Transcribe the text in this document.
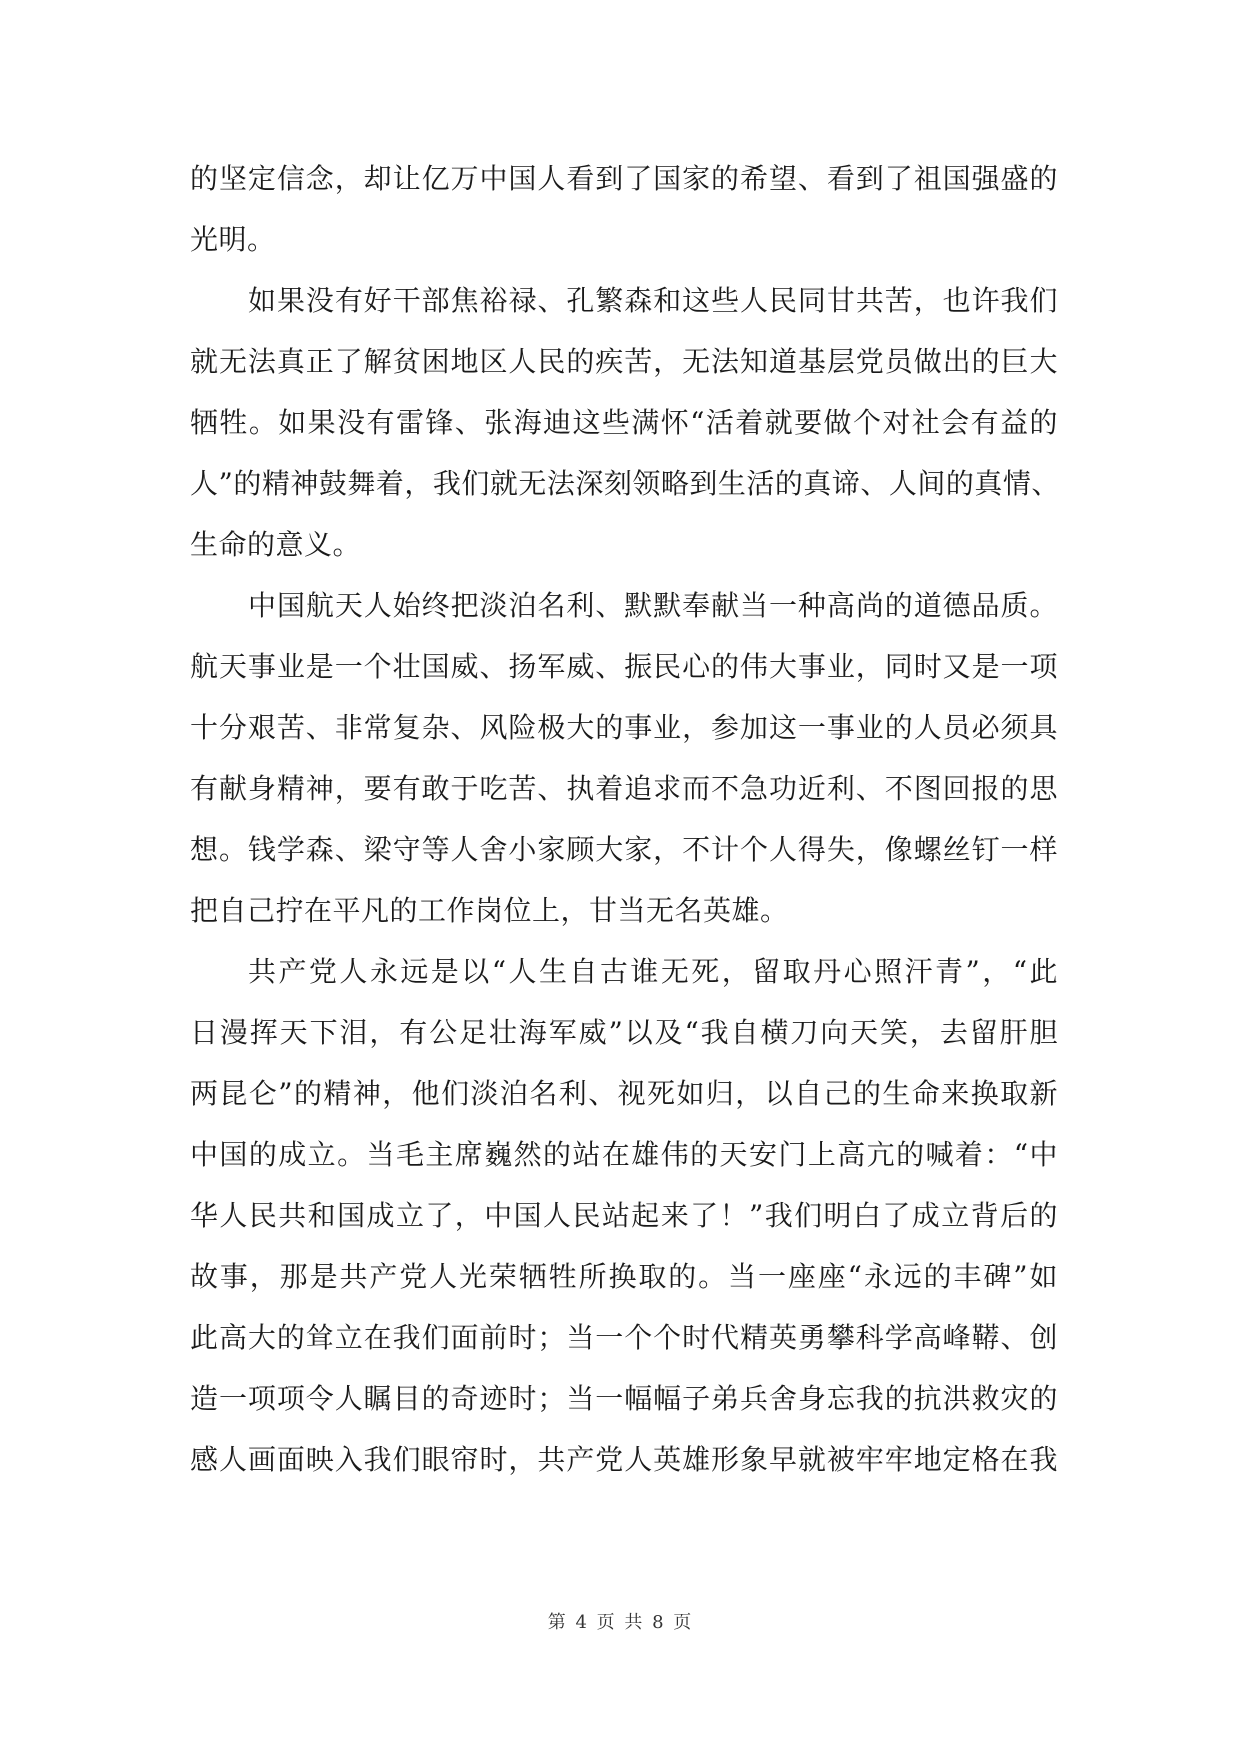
的坚定信念，却让亿万中国人看到了国家的希望、看到了祖国强盛的
光明。
如果没有好干部焦裕禄、孔繁森和这些人民同甘共苦，也许我们
就无法真正了解贫困地区人民的疾苦，无法知道基层党员做出的巨大
牺牲。如果没有雷锋、张海迪这些满怀“活着就要做个对社会有益的
人”的精神鼓舞着，我们就无法深刻领略到生活的真谛、人间的真情、
生命的意义。
中国航天人始终把淡泊名利、默默奉献当一种高尚的道德品质。
航天事业是一个壮国威、扬军威、振民心的伟大事业，同时又是一项
十分艰苦、非常复杂、风险极大的事业，参加这一事业的人员必须具
有献身精神，要有敢于吃苦、执着追求而不急功近利、不图回报的思
想。钱学森、梁守等人舍小家顾大家，不计个人得失，像螺丝钉一样
把自己拧在平凡的工作岗位上，甘当无名英雄。
共产党人永远是以“人生自古谁无死，留取丹心照汗青”，“此
日漫挥天下泪，有公足壮海军威”以及“我自横刀向天笑，去留肝胆
两昆仑”的精神，他们淡泊名利、视死如归，以自己的生命来换取新
中国的成立。当毛主席巍然的站在雄伟的天安门上高亢的喊着：“中
华人民共和国成立了，中国人民站起来了！”我们明白了成立背后的
故事，那是共产党人光荣牺牲所换取的。当一座座“永远的丰碑”如
此高大的耸立在我们面前时；当一个个时代精英勇攀科学高峰鞯、创
造一项项令人瞩目的奇迹时；当一幅幅子弟兵舍身忘我的抗洪救灾的
感人画面映入我们眼帘时，共产党人英雄形象早就被牢牢地定格在我
第 4 页 共 8 页
